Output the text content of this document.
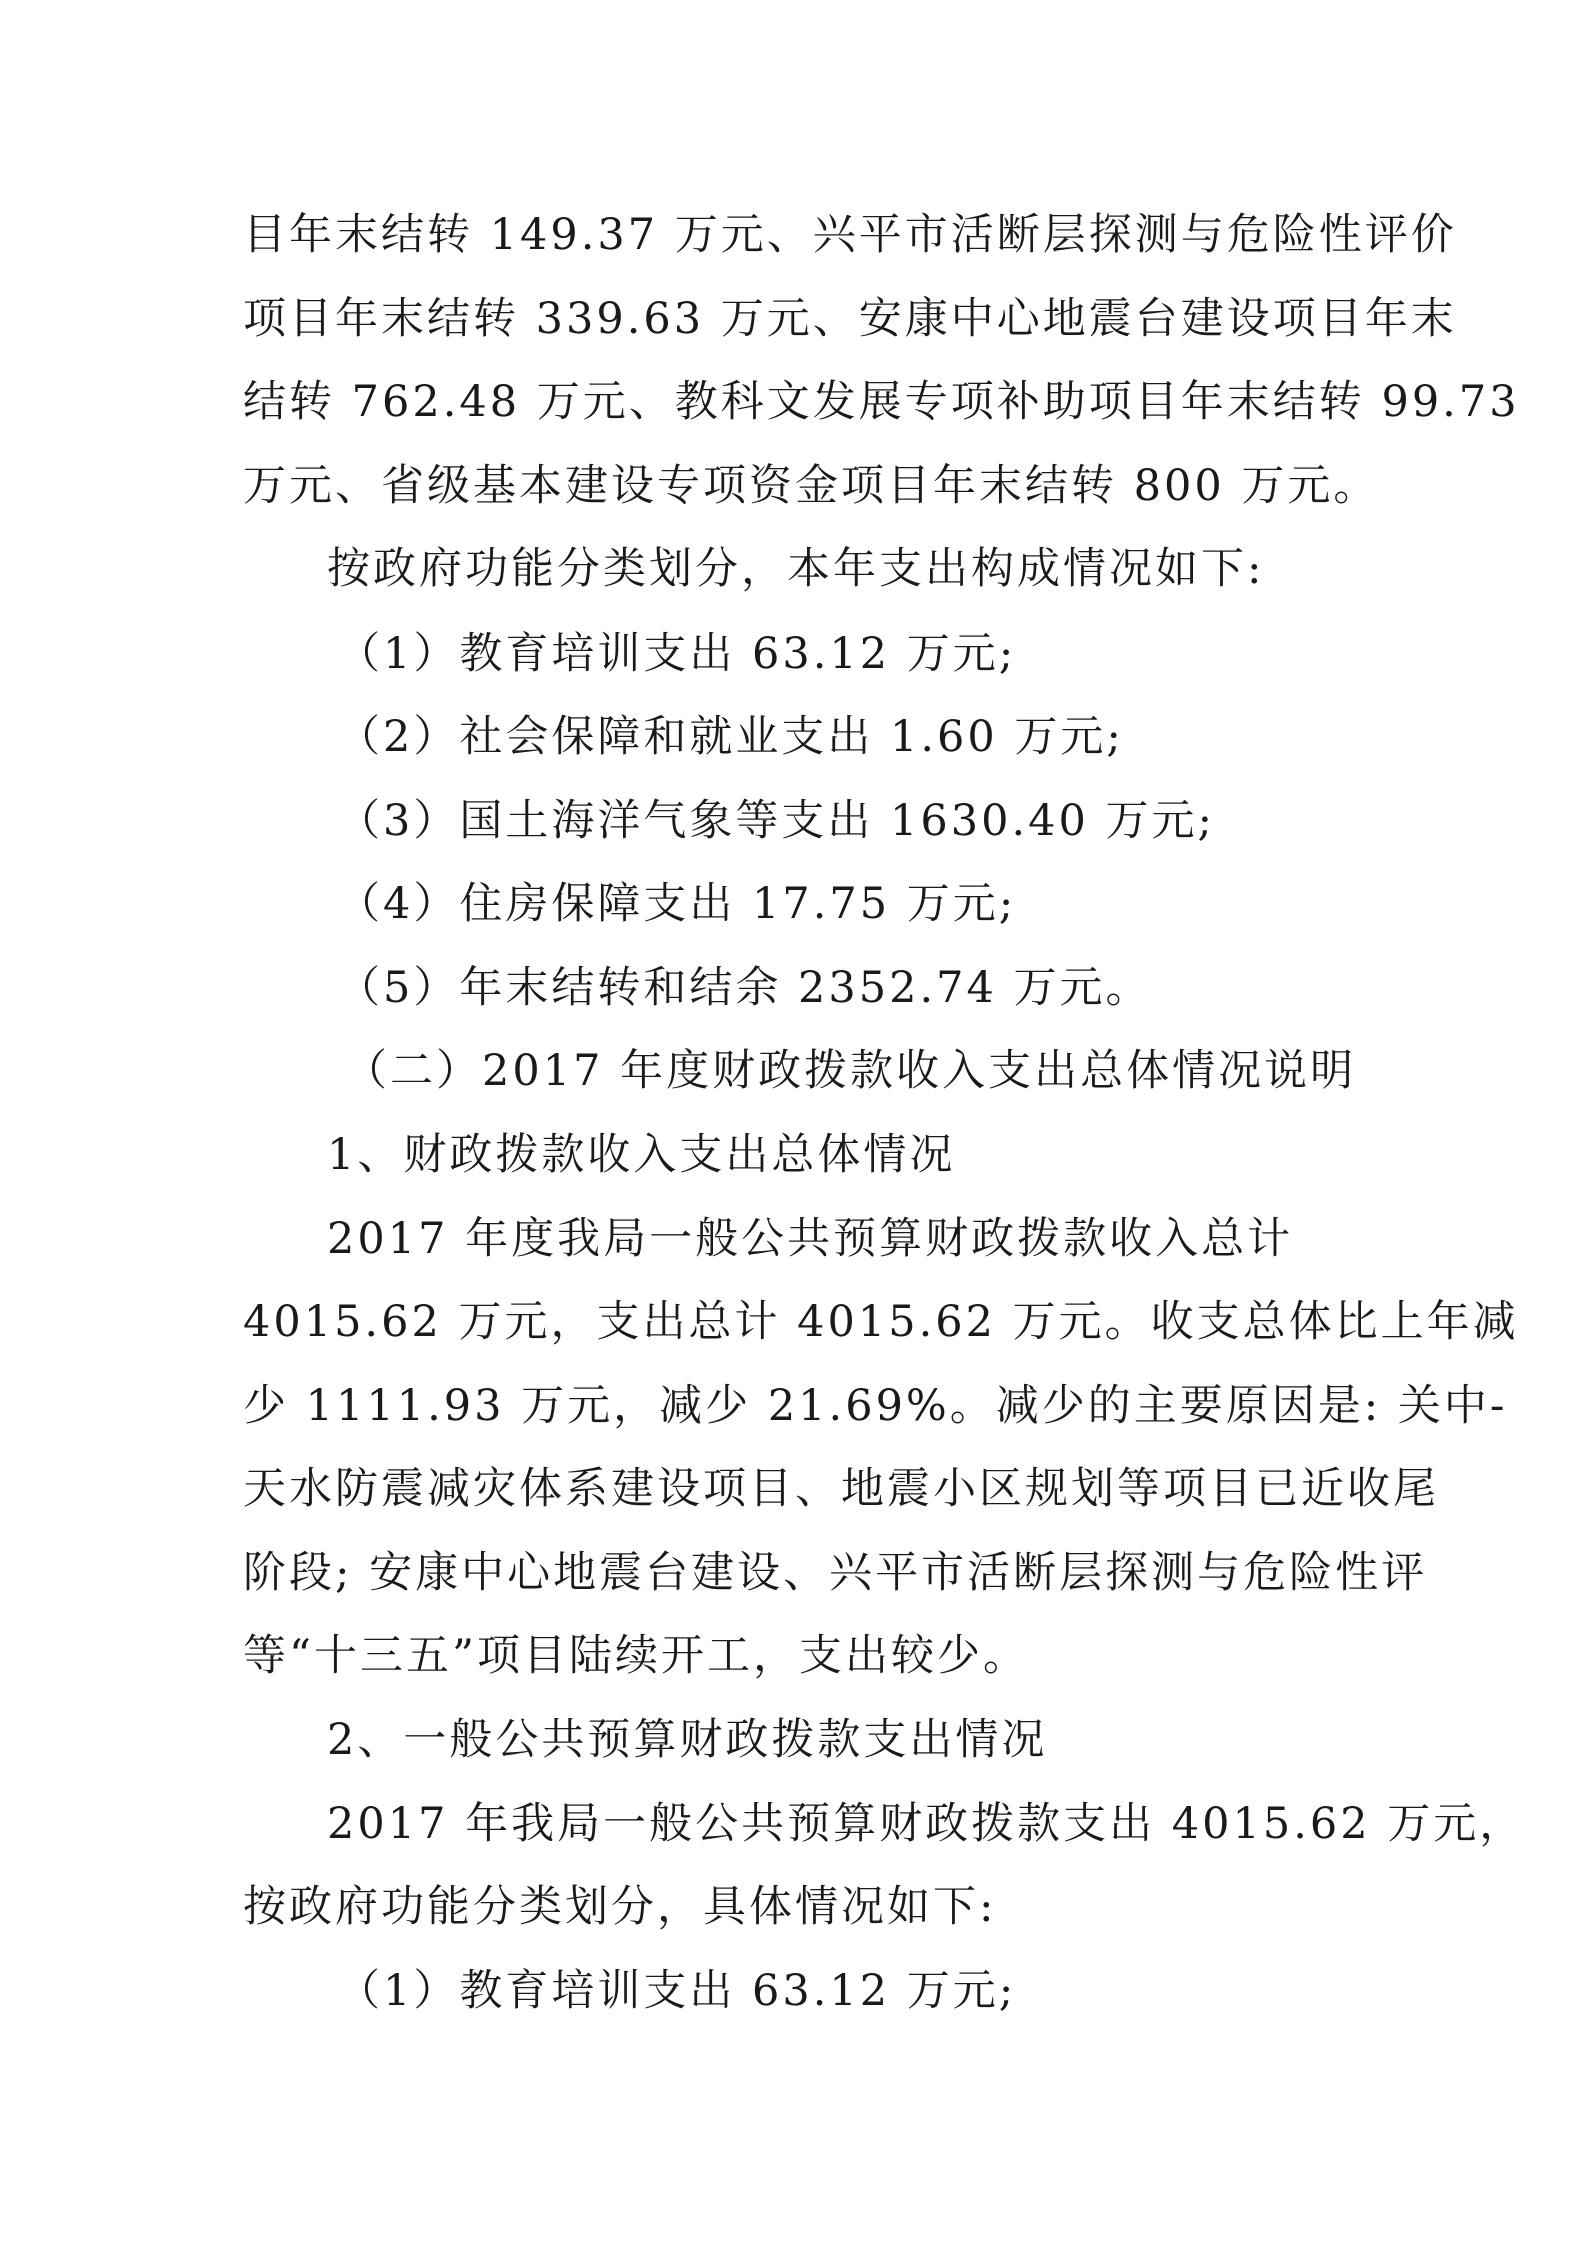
目年末结转 149.37 万元、兴平市活断层探测与危险性评价
项目年末结转 339.63 万元、安康中心地震台建设项目年末
结转 762.48 万元、教科文发展专项补助项目年末结转 99.73
万元、省级基本建设专项资金项目年末结转 800 万元。
按政府功能分类划分，本年支出构成情况如下:
（1）教育培训支出 63.12 万元;
（2）社会保障和就业支出 1.60 万元;
（3）国土海洋气象等支出 1630.40 万元;
（4）住房保障支出 17.75 万元;
（5）年末结转和结余 2352.74 万元。
（二）2017 年度财政拨款收入支出总体情况说明
1、财政拨款收入支出总体情况
2017 年度我局一般公共预算财政拨款收入总计
4015.62 万元，支出总计 4015.62 万元。收支总体比上年减
少 1111.93 万元，减少 21.69%。减少的主要原因是: 关中-
天水防震减灾体系建设项目、地震小区规划等项目已近收尾
阶段; 安康中心地震台建设、兴平市活断层探测与危险性评
等“十三五”项目陆续开工，支出较少。
2、一般公共预算财政拨款支出情况
2017 年我局一般公共预算财政拨款支出 4015.62 万元，
按政府功能分类划分，具体情况如下:
（1）教育培训支出 63.12 万元;
